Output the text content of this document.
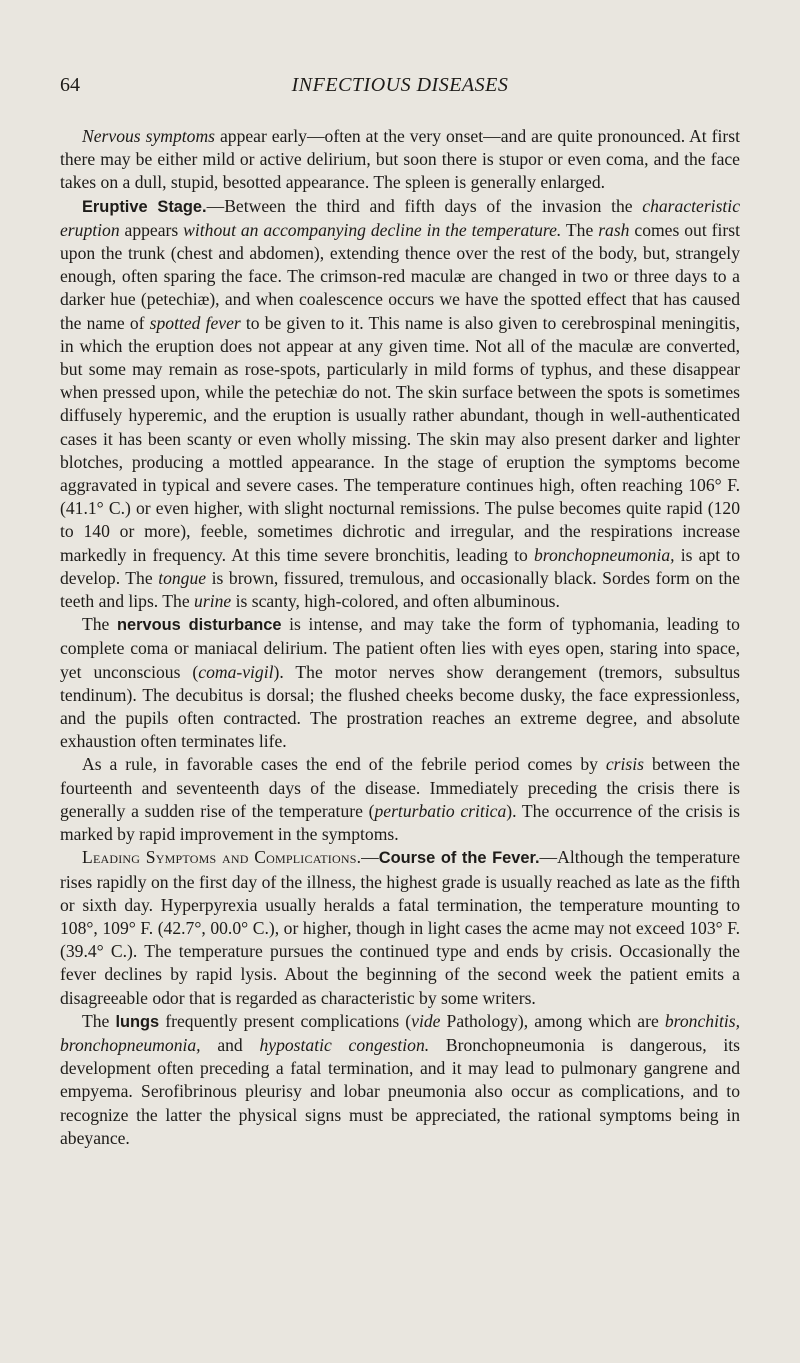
64	INFECTIOUS DISEASES

Nervous symptoms appear early—often at the very onset—and are quite pronounced. At first there may be either mild or active delirium, but soon there is stupor or even coma, and the face takes on a dull, stupid, besotted appearance. The spleen is generally enlarged.

Eruptive Stage.—Between the third and fifth days of the invasion the characteristic eruption appears without an accompanying decline in the temperature. The rash comes out first upon the trunk (chest and abdomen), extending thence over the rest of the body, but, strangely enough, often sparing the face. The crimson-red maculæ are changed in two or three days to a darker hue (petechiæ), and when coalescence occurs we have the spotted effect that has caused the name of spotted fever to be given to it. This name is also given to cerebrospinal meningitis, in which the eruption does not appear at any given time. Not all of the maculæ are converted, but some may remain as rose-spots, particularly in mild forms of typhus, and these disappear when pressed upon, while the petechiæ do not. The skin surface between the spots is sometimes diffusely hyperemic, and the eruption is usually rather abundant, though in well-authenticated cases it has been scanty or even wholly missing. The skin may also present darker and lighter blotches, producing a mottled appearance. In the stage of eruption the symptoms become aggravated in typical and severe cases. The temperature continues high, often reaching 106° F. (41.1° C.) or even higher, with slight nocturnal remissions. The pulse becomes quite rapid (120 to 140 or more), feeble, sometimes dichrotic and irregular, and the respirations increase markedly in frequency. At this time severe bronchitis, leading to bronchopneumonia, is apt to develop. The tongue is brown, fissured, tremulous, and occasionally black. Sordes form on the teeth and lips. The urine is scanty, high-colored, and often albuminous.

The nervous disturbance is intense, and may take the form of typhomania, leading to complete coma or maniacal delirium. The patient often lies with eyes open, staring into space, yet unconscious (coma-vigil). The motor nerves show derangement (tremors, subsultus tendinum). The decubitus is dorsal; the flushed cheeks become dusky, the face expressionless, and the pupils often contracted. The prostration reaches an extreme degree, and absolute exhaustion often terminates life.

As a rule, in favorable cases the end of the febrile period comes by crisis between the fourteenth and seventeenth days of the disease. Immediately preceding the crisis there is generally a sudden rise of the temperature (perturbatio critica). The occurrence of the crisis is marked by rapid improvement in the symptoms.

Leading Symptoms and Complications.—Course of the Fever.—Although the temperature rises rapidly on the first day of the illness, the highest grade is usually reached as late as the fifth or sixth day. Hyperpyrexia usually heralds a fatal termination, the temperature mounting to 108°, 109° F. (42.7°, 00.0° C.), or higher, though in light cases the acme may not exceed 103° F. (39.4° C.). The temperature pursues the continued type and ends by crisis. Occasionally the fever declines by rapid lysis. About the beginning of the second week the patient emits a disagreeable odor that is regarded as characteristic by some writers.

The lungs frequently present complications (vide Pathology), among which are bronchitis, bronchopneumonia, and hypostatic congestion. Bronchopneumonia is dangerous, its development often preceding a fatal termination, and it may lead to pulmonary gangrene and empyema. Serofibrinous pleurisy and lobar pneumonia also occur as complications, and to recognize the latter the physical signs must be appreciated, the rational symptoms being in abeyance.
